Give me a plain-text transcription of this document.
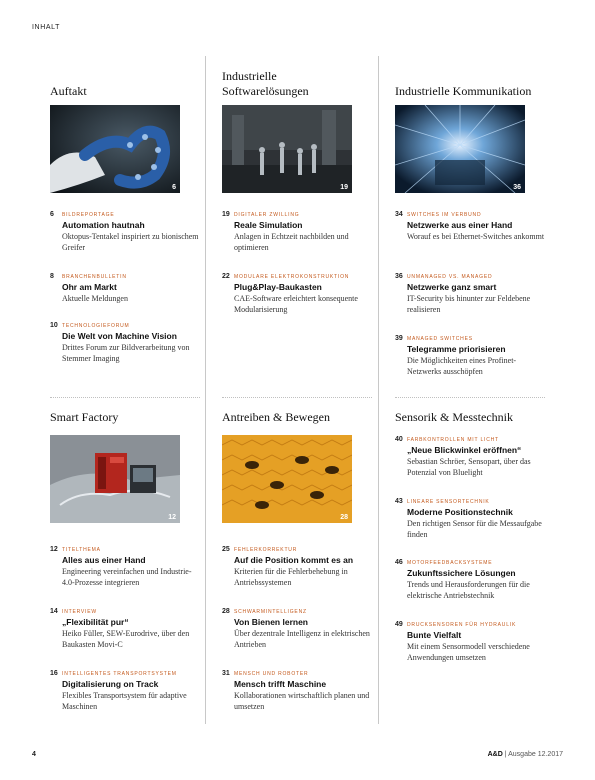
INHALT
Auftakt
6
6	BILDREPORTAGE
Automation hautnah
Oktopus-Tentakel inspiriert zu bionischem Greifer
8	BRANCHENBULLETIN
Ohr am Markt
Aktuelle Meldungen
10 TECHNOLOGIEFORUM
Die Welt von Machine Vision
Drittes Forum zur Bildverarbeitung von Stemmer Imaging
Industrielle Softwarelösungen
19
19 DIGITALER ZWILLING
Reale Simulation
Anlagen in Echtzeit nachbilden und optimieren
22 MODULARE ELEKTROKONSTRUKTION
Plug&Play-Baukasten
CAE-Software erleichtert konsequente Modularisierung
Industrielle Kommunikation
36
34 SWITCHES IM VERBUND
Netzwerke aus einer Hand
Worauf es bei Ethernet-Switches ankommt
36 UNMANAGED VS. MANAGED
Netzwerke ganz smart
IT-Security bis hinunter zur Feldebene realisieren
39 MANAGED SWITCHES
Telegramme priorisieren
Die Möglichkeiten eines Profinet-Netzwerks ausschöpfen
Smart Factory
12
12 TITELTHEMA
Alles aus einer Hand
Engineering vereinfachen und Industrie-4.0-Prozesse integrieren
14 INTERVIEW
„Flexibilität pur“
Heiko Füller, SEW-Eurodrive, über den Baukasten Movi-C
16 INTELLIGENTES TRANSPORTSYSTEM
Digitalisierung on Track
Flexibles Transportsystem für adaptive Maschinen
Antreiben & Bewegen
28
25 FEHLERKORREKTUR
Auf die Position kommt es an
Kriterien für die Fehlerbehebung in Antriebssystemen
28 SCHWARMINTELLIGENZ
Von Bienen lernen
Über dezentrale Intelligenz in elektrischen Antrieben
31 MENSCH UND ROBOTER
Mensch trifft Maschine
Kollaborationen wirtschaftlich planen und umsetzen
Sensorik & Messtechnik
40 FARBKONTROLLEN MIT LICHT
„Neue Blickwinkel eröffnen“
Sebastian Schröer, Sensopart, über das Potenzial von Bluelight
43 LINEARE SENSORTECHNIK
Moderne Positionstechnik
Den richtigen Sensor für die Messaufgabe finden
46 MOTORFEEDBACKSYSTEME
Zukunftssichere Lösungen
Trends und Herausforderungen für die elektrische Antriebstechnik
49 DRUCKSENSOREN FÜR HYDRAULIK
Bunte Vielfalt
Mit einem Sensormodell verschiedene Anwendungen umsetzen
4	A&D | Ausgabe 12.2017
